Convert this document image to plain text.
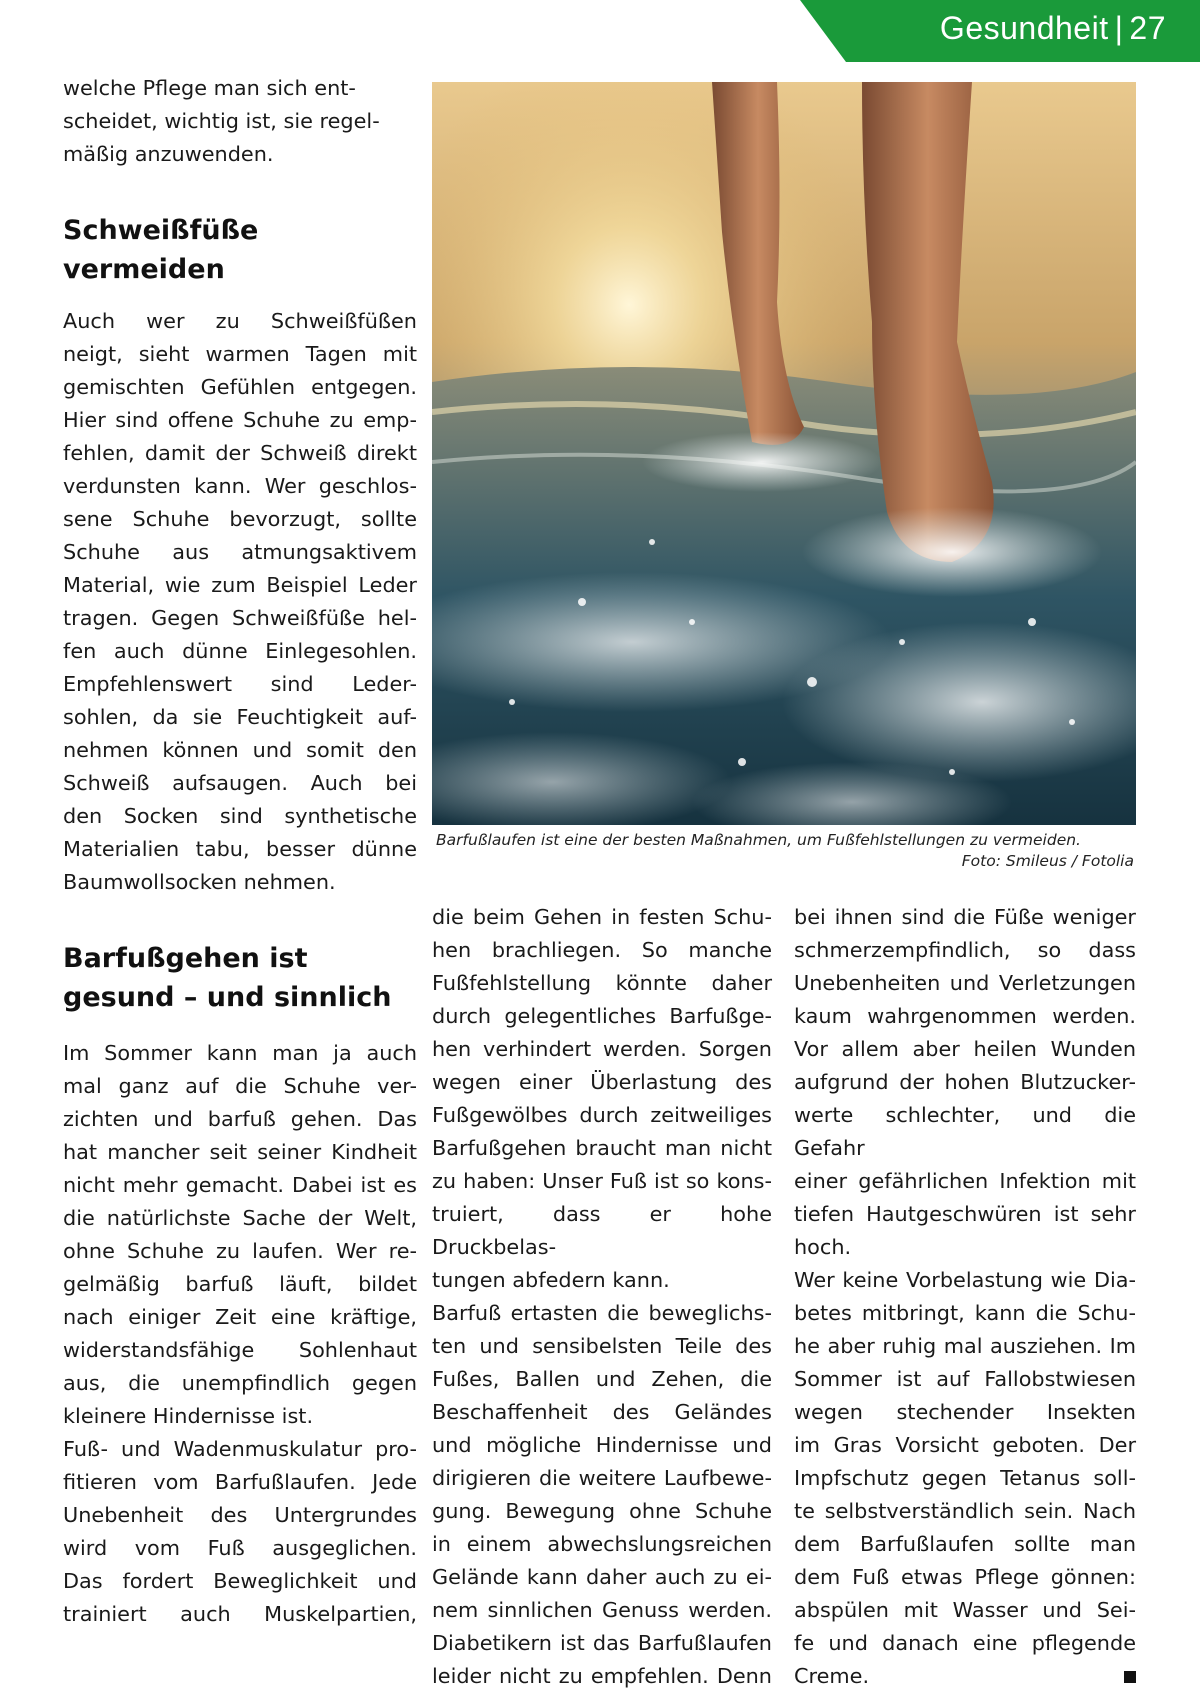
Gesundheit | 27

welche Pflege man sich ent-

scheidet, wichtig ist, sie regel-

mäßig anzuwenden.

Schweißfüße
vermeiden

Auch wer zu Schweißfüßen

neigt, sieht warmen Tagen mit

gemischten Gefühlen entgegen.

Hier sind offene Schuhe zu emp-

fehlen, damit der Schweiß direkt

verdunsten kann. Wer geschlos-

sene Schuhe bevorzugt, sollte

Schuhe aus atmungsaktivem

Material, wie zum Beispiel Leder

tragen. Gegen Schweißfüße hel-

fen auch dünne Einlegesohlen.

Empfehlenswert sind Leder-

sohlen, da sie Feuchtigkeit auf-

nehmen können und somit den

Schweiß aufsaugen. Auch bei

den Socken sind synthetische

Materialien tabu, besser dünne

Baumwollsocken nehmen.

Barfußgehen ist
gesund – und sinnlich

Im Sommer kann man ja auch

mal ganz auf die Schuhe ver-

zichten und barfuß gehen. Das

hat mancher seit seiner Kindheit

nicht mehr gemacht. Dabei ist es

die natürlichste Sache der Welt,

ohne Schuhe zu laufen. Wer re-

gelmäßig barfuß läuft, bildet

nach einiger Zeit eine kräftige,

widerstandsfähige Sohlenhaut

aus, die unempfindlich gegen

kleinere Hindernisse ist.

Fuß- und Wadenmuskulatur pro-

fitieren vom Barfußlaufen. Jede

Unebenheit des Untergrundes

wird vom Fuß ausgeglichen.

Das fordert Beweglichkeit und

trainiert auch Muskelpartien,

Barfußlaufen ist eine der besten Maßnahmen, um Fußfehlstellungen zu vermeiden.
Foto: Smileus / Fotolia

die beim Gehen in festen Schu-

hen brachliegen. So manche

Fußfehlstellung könnte daher

durch gelegentliches Barfußge-

hen verhindert werden. Sorgen

wegen einer Überlastung des

Fußgewölbes durch zeitweiliges

Barfußgehen braucht man nicht

zu haben: Unser Fuß ist so kons-

truiert, dass er hohe Druckbelas-

tungen abfedern kann.

Barfuß ertasten die beweglichs-

ten und sensibelsten Teile des

Fußes, Ballen und Zehen, die

Beschaffenheit des Geländes

und mögliche Hindernisse und

dirigieren die weitere Laufbewe-

gung. Bewegung ohne Schuhe

in einem abwechslungsreichen

Gelände kann daher auch zu ei-

nem sinnlichen Genuss werden.

Diabetikern ist das Barfußlaufen

leider nicht zu empfehlen. Denn

bei ihnen sind die Füße weniger

schmerzempfindlich, so dass

Unebenheiten und Verletzungen

kaum wahrgenommen werden.

Vor allem aber heilen Wunden

aufgrund der hohen Blutzucker-

werte schlechter, und die Gefahr

einer gefährlichen Infektion mit

tiefen Hautgeschwüren ist sehr

hoch.

Wer keine Vorbelastung wie Dia-

betes mitbringt, kann die Schu-

he aber ruhig mal ausziehen. Im

Sommer ist auf Fallobstwiesen

wegen stechender Insekten

im Gras Vorsicht geboten. Der

Impfschutz gegen Tetanus soll-

te selbstverständlich sein. Nach

dem Barfußlaufen sollte man

dem Fuß etwas Pflege gönnen:

abspülen mit Wasser und Sei-

fe und danach eine pflegende

Creme.
